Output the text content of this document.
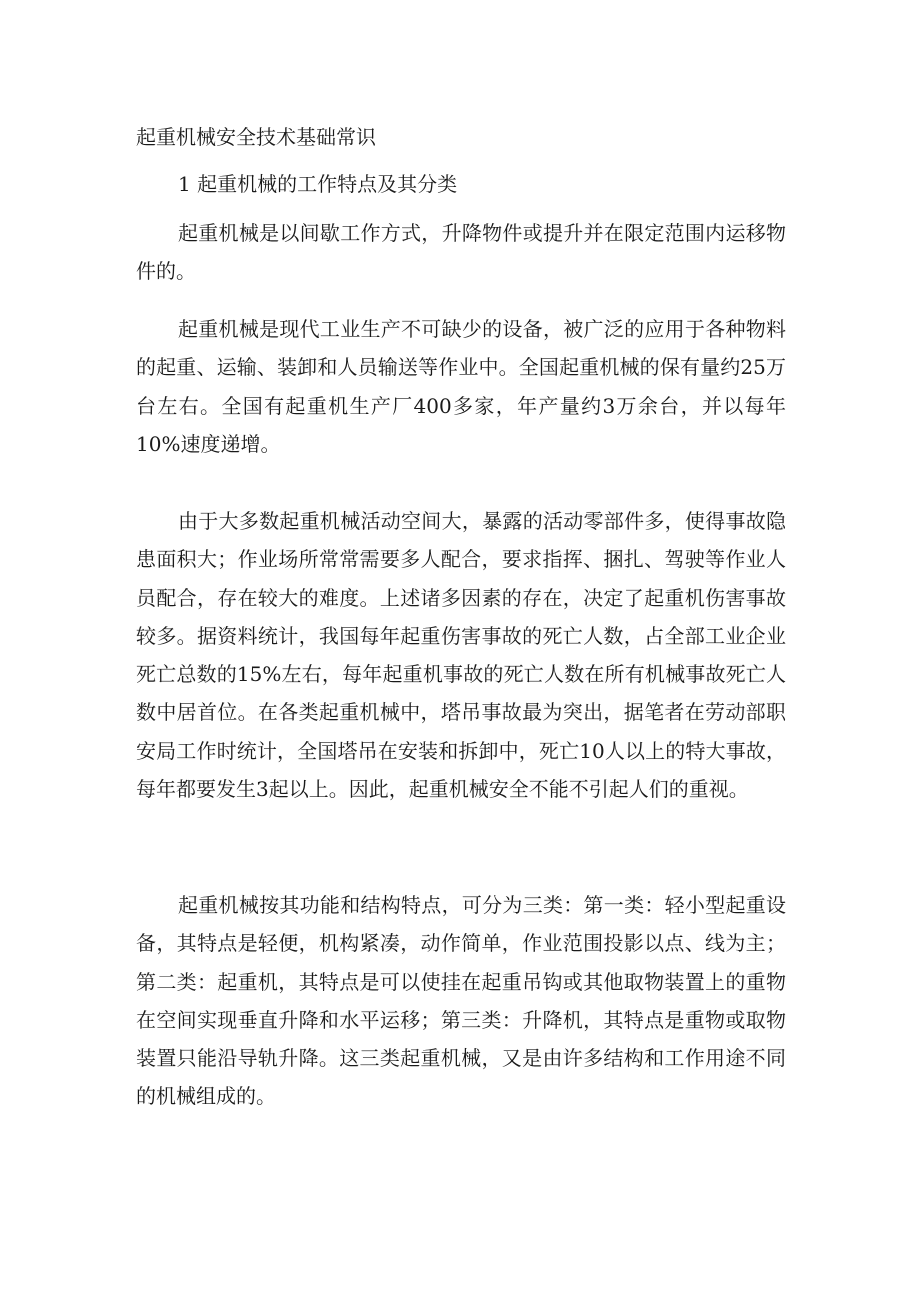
起重机械安全技术基础常识
1 起重机械的工作特点及其分类

起重机械是以间歇工作方式，升降物件或提升并在限定范围内运移物件的。

起重机械是现代工业生产不可缺少的设备，被广泛的应用于各种物料的起重、运输、装卸和人员输送等作业中。全国起重机械的保有量约25万台左右。全国有起重机生产厂400多家，年产量约3万余台，并以每年10%速度递增。

由于大多数起重机械活动空间大，暴露的活动零部件多，使得事故隐患面积大；作业场所常常需要多人配合，要求指挥、捆扎、驾驶等作业人员配合，存在较大的难度。上述诸多因素的存在，决定了起重机伤害事故较多。据资料统计，我国每年起重伤害事故的死亡人数，占全部工业企业死亡总数的15%左右，每年起重机事故的死亡人数在所有机械事故死亡人数中居首位。在各类起重机械中，塔吊事故最为突出，据笔者在劳动部职安局工作时统计，全国塔吊在安装和拆卸中，死亡10人以上的特大事故，每年都要发生3起以上。因此，起重机械安全不能不引起人们的重视。

起重机械按其功能和结构特点，可分为三类：第一类：轻小型起重设备，其特点是轻便，机构紧凑，动作简单，作业范围投影以点、线为主；第二类：起重机，其特点是可以使挂在起重吊钩或其他取物装置上的重物在空间实现垂直升降和水平运移；第三类：升降机，其特点是重物或取物装置只能沿导轨升降。这三类起重机械，又是由许多结构和工作用途不同的机械组成的。
